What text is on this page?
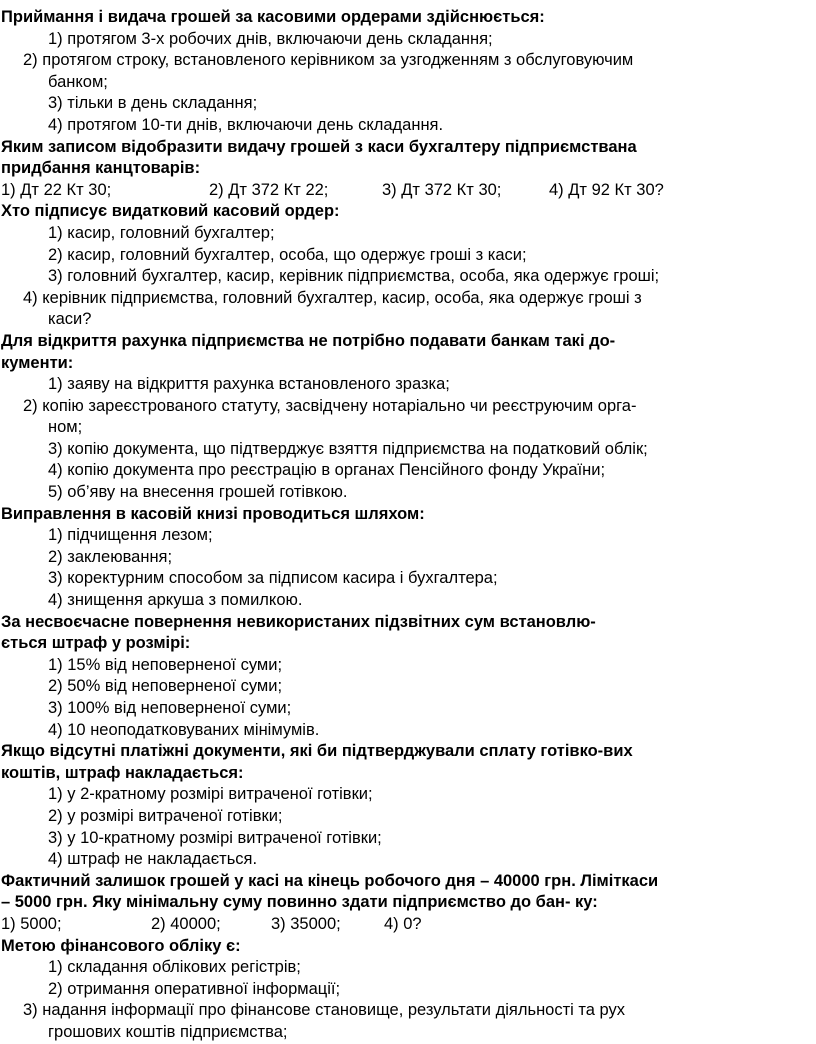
Приймання і видача грошей за касовими ордерами здійснюється:
1) протягом 3-х робочих днів, включаючи день складання;
2) протягом строку, встановленого керівником за узгодженням з обслуговуючим
банком;
3) тільки в день складання;
4) протягом 10-ти днів, включаючи день складання.
Яким записом відобразити видачу грошей з каси бухгалтеру підприємствана
придбання канцтоварів:
1) Дт 22 Кт 30;	2) Дт 372 Кт 22;	3) Дт 372 Кт 30;	4) Дт 92 Кт 30?
Хто підписує видатковий касовий ордер:
1) касир, головний бухгалтер;
2) касир, головний бухгалтер, особа, що одержує гроші з каси;
3) головний бухгалтер, касир, керівник підприємства, особа, яка одержує гроші;
4) керівник підприємства, головний бухгалтер, касир, особа, яка одержує гроші з
каси?
Для відкриття рахунка підприємства не потрібно подавати банкам такі до-
кументи:
1) заяву на відкриття рахунка встановленого зразка;
2) копію зареєстрованого статуту, засвідчену нотаріально чи реєструючим орга-
ном;
3) копію документа, що підтверджує взяття підприємства на податковий облік;
4) копію документа про реєстрацію в органах Пенсійного фонду України;
5) об’яву на внесення грошей готівкою.
Виправлення в касовій книзі проводиться шляхом:
1) підчищення лезом;
2) заклеювання;
3) коректурним способом за підписом касира і бухгалтера;
4) знищення аркуша з помилкою.
За несвоєчасне повернення невикористаних підзвітних сум встановлю-
ється штраф у розмірі:
1) 15% від неповерненої суми;
2) 50% від неповерненої суми;
3) 100% від неповерненої суми;
4) 10 неоподатковуваних мінімумів.
Якщо відсутні платіжні документи, які би підтверджували сплату готівко-вих
коштів, штраф накладається:
1) у 2-кратному розмірі витраченої готівки;
2) у розмірі витраченої готівки;
3) у 10-кратному розмірі витраченої готівки;
4) штраф не накладається.
Фактичний залишок грошей у касі на кінець робочого дня – 40000 грн. Ліміткаси
– 5000 грн. Яку мінімальну суму повинно здати підприємство до бан- ку:
1) 5000;	2) 40000;	3) 35000;	4) 0?
Метою фінансового обліку є:
1) складання облікових регістрів;
2) отримання оперативної інформації;
3) надання інформації про фінансове становище, результати діяльності та рух
грошових коштів підприємства;
